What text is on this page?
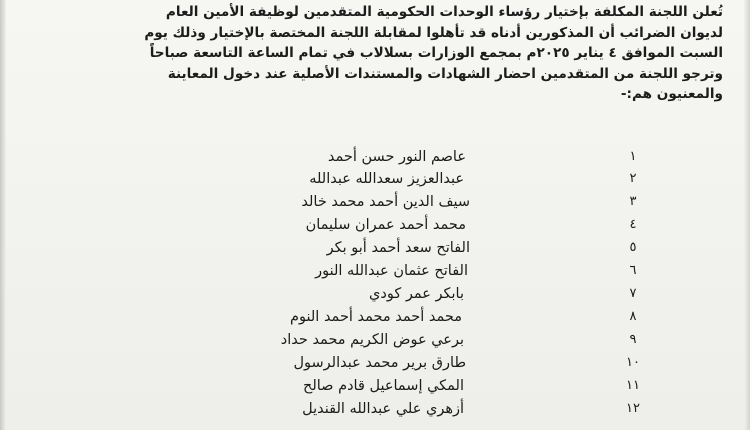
تُعلن اللجنة المكلفة بإختيار رؤساء الوحدات الحكومية المتقدمين لوظيفة الأمين العام
لديوان الضرائب أن المذكورين أدناه قد تأهلوا لمقابلة اللجنة المختصة بالإختيار وذلك يوم
السبت الموافق ٤ يناير ٢٠٢٥م بمجمع الوزارات بسلالاب في تمام الساعة التاسعة صباحاً
وترجو اللجنة من المتقدمين احضار الشهادات والمستندات الأصلية عند دخول المعاينة
والمعنيون هم:-

١
عاصم النور حسن أحمد
٢
عبدالعزيز سعدالله عبدالله
٣
سيف الدين أحمد محمد خالد
٤
محمد أحمد عمران سليمان
٥
الفاتح سعد أحمد أبو بكر
٦
الفاتح عثمان عبدالله النور
٧
بابكر عمر كودي
٨
محمد أحمد محمد أحمد النوم
٩
برعي عوض الكريم محمد حداد
١٠
طارق برير محمد عبدالرسول
١١
المكي إسماعيل قادم صالح
١٢
أزهري علي عبدالله القنديل
